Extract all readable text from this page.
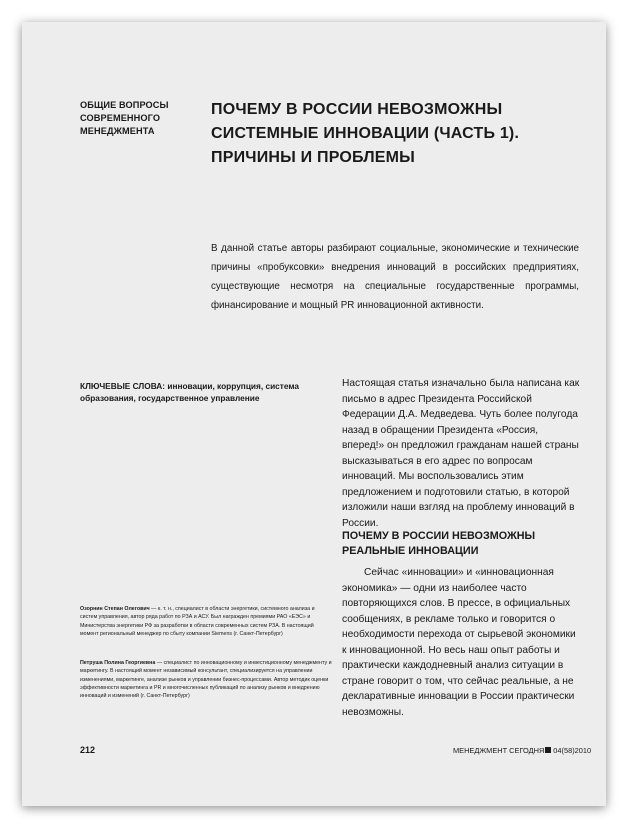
ОБЩИЕ ВОПРОСЫ
СОВРЕМЕННОГО
МЕНЕДЖМЕНТА
ПОЧЕМУ В РОССИИ НЕВОЗМОЖНЫ
СИСТЕМНЫЕ ИННОВАЦИИ (ЧАСТЬ 1).
ПРИЧИНЫ И ПРОБЛЕМЫ
В данной статье авторы разбирают социальные, экономические и технические причины «пробуксовки» внедрения инноваций в российских предприятиях, существующие несмотря на специальные государственные программы, финансирование и мощный PR инновационной активности.
КЛЮЧЕВЫЕ СЛОВА: инновации, коррупция, система образования, государственное управление
Настоящая статья изначально была написана как письмо в адрес Президента Российской Федерации Д.А. Медведева. Чуть более полугода назад в обращении Президента «Россия, вперед!» он предложил гражданам нашей страны высказываться в его адрес по вопросам инноваций. Мы воспользовались этим предложением и подготовили статью, в которой изложили наши взгляд на проблему инноваций в России.
ПОЧЕМУ В РОССИИ НЕВОЗМОЖНЫ
РЕАЛЬНЫЕ ИННОВАЦИИ
Сейчас «инновации» и «инновационная экономика» — одни из наиболее часто повторяющихся слов. В прессе, в официальных сообщениях, в рекламе только и говорится о необходимости перехода от сырьевой экономики к инновационной. Но весь наш опыт работы и практически каждодневный анализ ситуации в стране говорит о том, что сейчас реальные, а не декларативные инновации в России практически невозможны.
Озорнин Степан Олегович — к. т. н., специалист в области энергетики, системного анализа и систем управления, автор ряда работ по РЗА и АСУ. Был награжден премиями РАО «ЕЭС» и Министерства энергетики РФ за разработки в области современных систем РЗА. В настоящий момент региональный менеджер по сбыту компании Siemens (г. Санкт-Петербург)
Петруша Полина Георгиевна — специалист по инновационному и инвестиционному менеджменту и маркетингу. В настоящий момент независимый консультант, специализируется на управлении изменениями, маркетинге, анализе рынков и управлении бизнес-процессами. Автор методик оценки эффективности маркетинга и PR и многочисленных публикаций по анализу рынков и внедрению инноваций и изменений (г. Санкт-Петербург)
212	МЕНЕДЖМЕНТ СЕГОДНЯ 04(58)2010
